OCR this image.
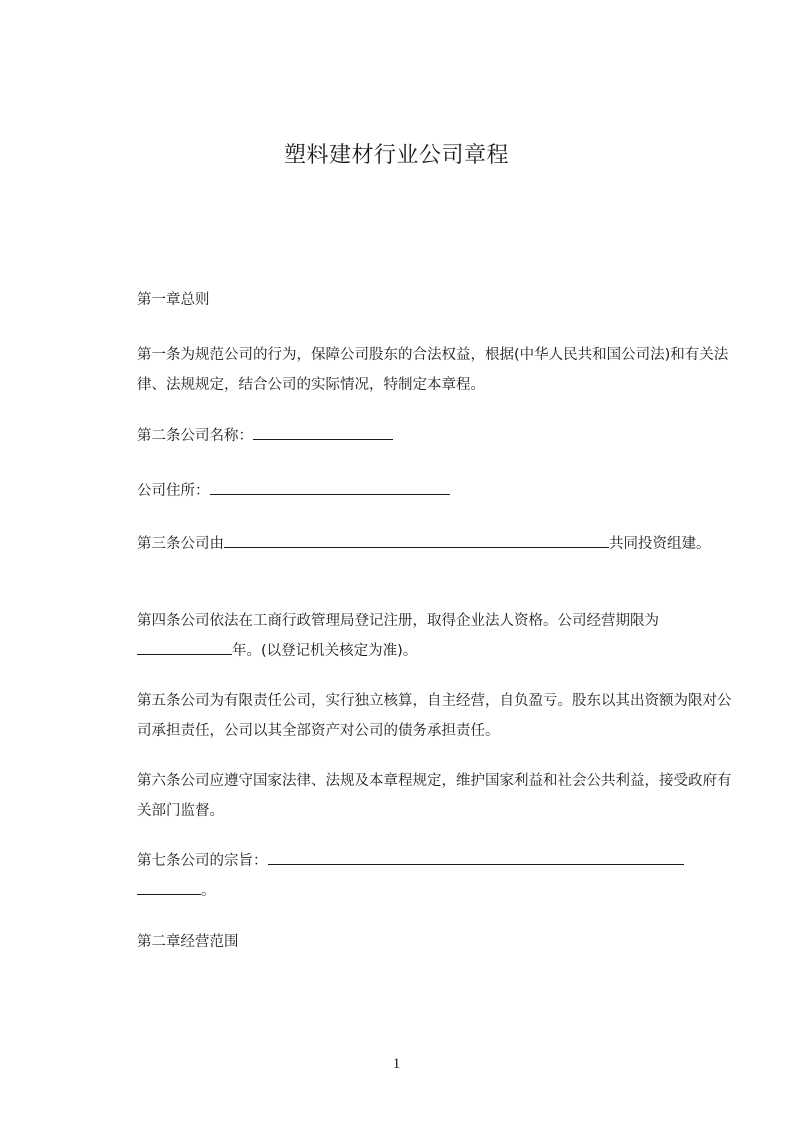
塑料建材行业公司章程

第一章总则

第一条为规范公司的行为，保障公司股东的合法权益，根据(中华人民共和国公司法)和有关法律、法规规定，结合公司的实际情况，特制定本章程。

第二条公司名称：

公司住所：

第三条公司由	共同投资组建。

第四条公司依法在工商行政管理局登记注册，取得企业法人资格。公司经营期限为年。(以登记机关核定为准)。

第五条公司为有限责任公司，实行独立核算，自主经营，自负盈亏。股东以其出资额为限对公司承担责任，公司以其全部资产对公司的债务承担责任。

第六条公司应遵守国家法律、法规及本章程规定，维护国家利益和社会公共利益，接受政府有关部门监督。

第七条公司的宗旨：。

第二章经营范围

1
